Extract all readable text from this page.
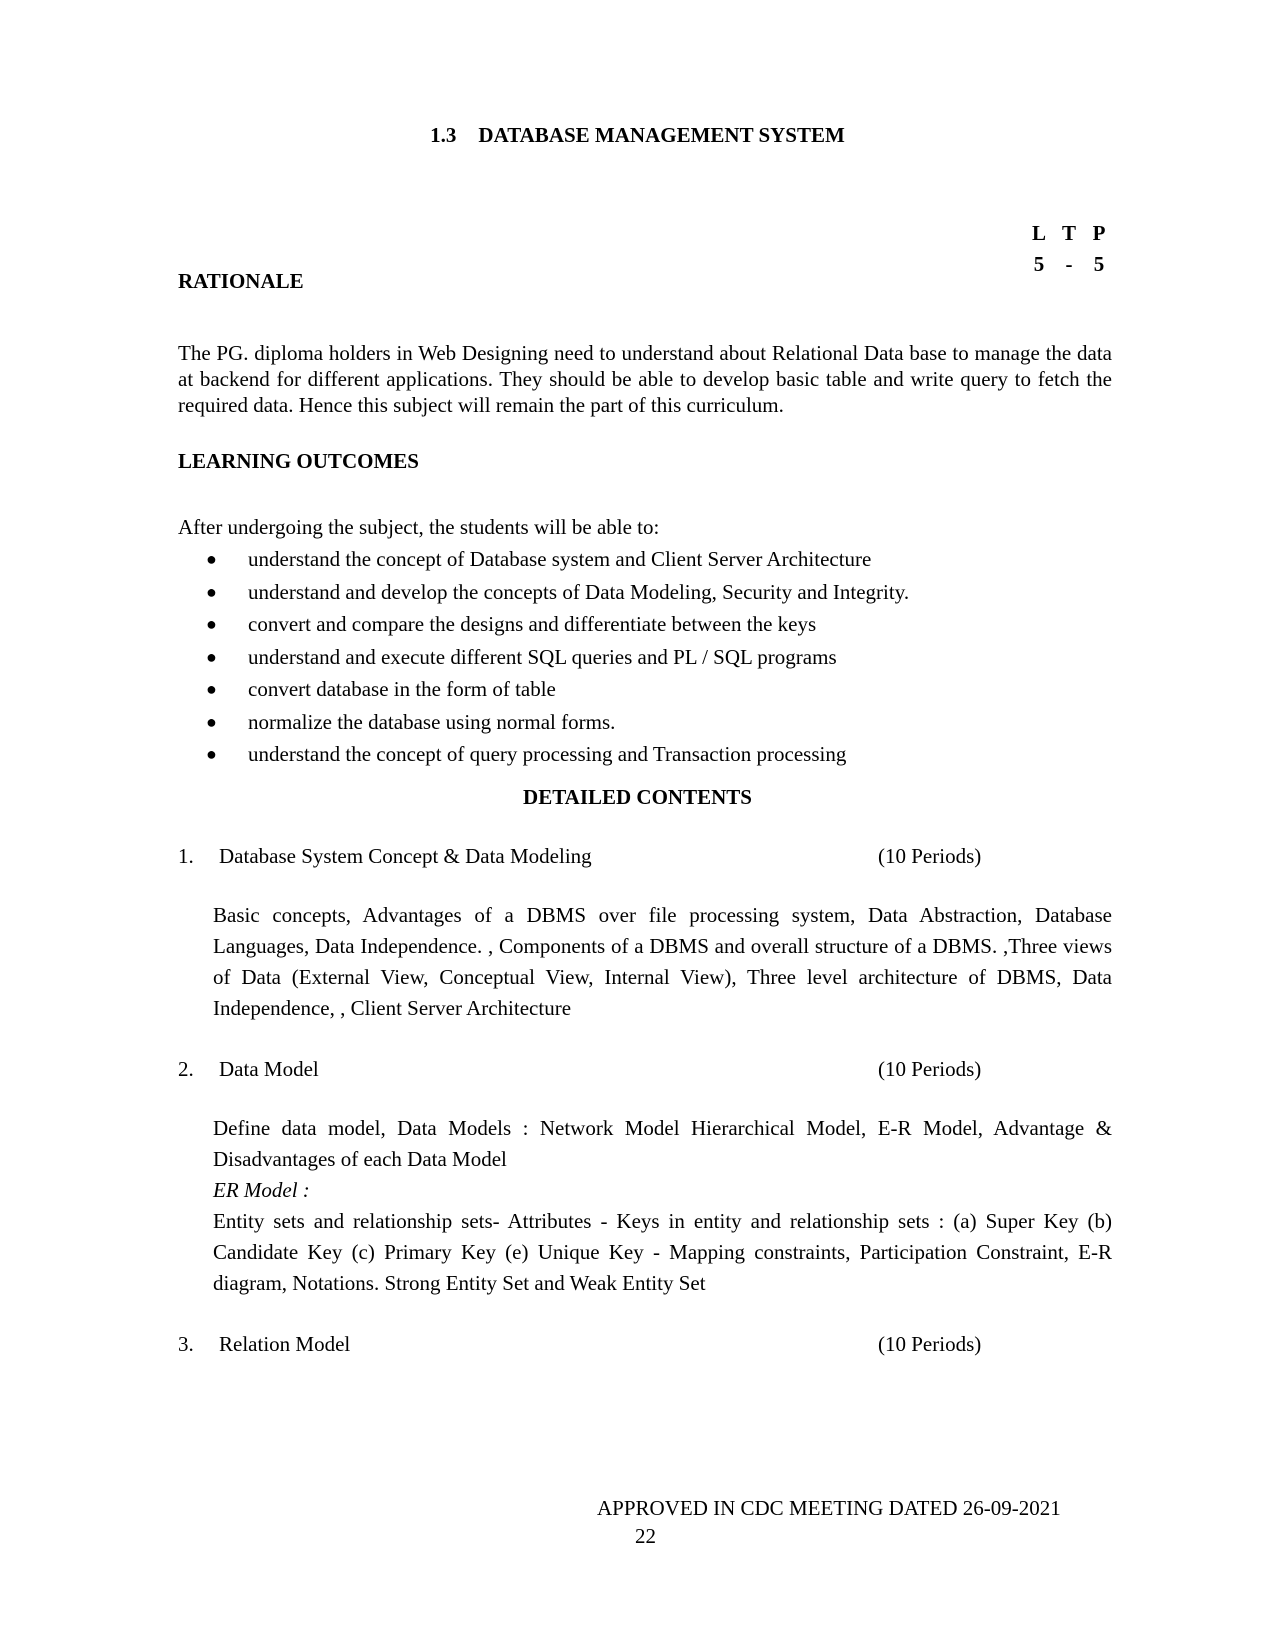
1.3 DATABASE MANAGEMENT SYSTEM
L T P
5	-	5
RATIONALE
The PG. diploma holders in Web Designing need to understand about Relational Data base to manage the data at backend for different applications. They should be able to develop basic table and write query to fetch the required data. Hence this subject will remain the part of this curriculum.
LEARNING OUTCOMES
After undergoing the subject, the students will be able to:
● understand the concept of Database system and Client Server Architecture
● understand and develop the concepts of Data Modeling, Security and Integrity.
● convert and compare the designs and differentiate between the keys
● understand and execute different SQL queries and PL / SQL programs
● convert database in the form of table
● normalize the database using normal forms.
● understand the concept of query processing and Transaction processing
DETAILED CONTENTS
1. Database System Concept & Data Modeling	(10 Periods)
Basic concepts, Advantages of a DBMS over file processing system, Data Abstraction, Database Languages, Data Independence. , Components of a DBMS and overall structure of a DBMS. ,Three views of Data (External View, Conceptual View, Internal View), Three level architecture of DBMS, Data Independence, , Client Server Architecture
2. Data Model	(10 Periods)

Define data model, Data Models : Network Model Hierarchical Model, E-R Model, Advantage & Disadvantages of each Data Model

ER Model :

Entity sets and relationship sets- Attributes - Keys in entity and relationship sets : (a) Super Key (b) Candidate Key (c) Primary Key (e) Unique Key - Mapping constraints, Participation Constraint, E-R diagram, Notations. Strong Entity Set and Weak Entity Set

3. Relation Model	(10 Periods)
APPROVED IN CDC MEETING DATED 26-09-2021
22
